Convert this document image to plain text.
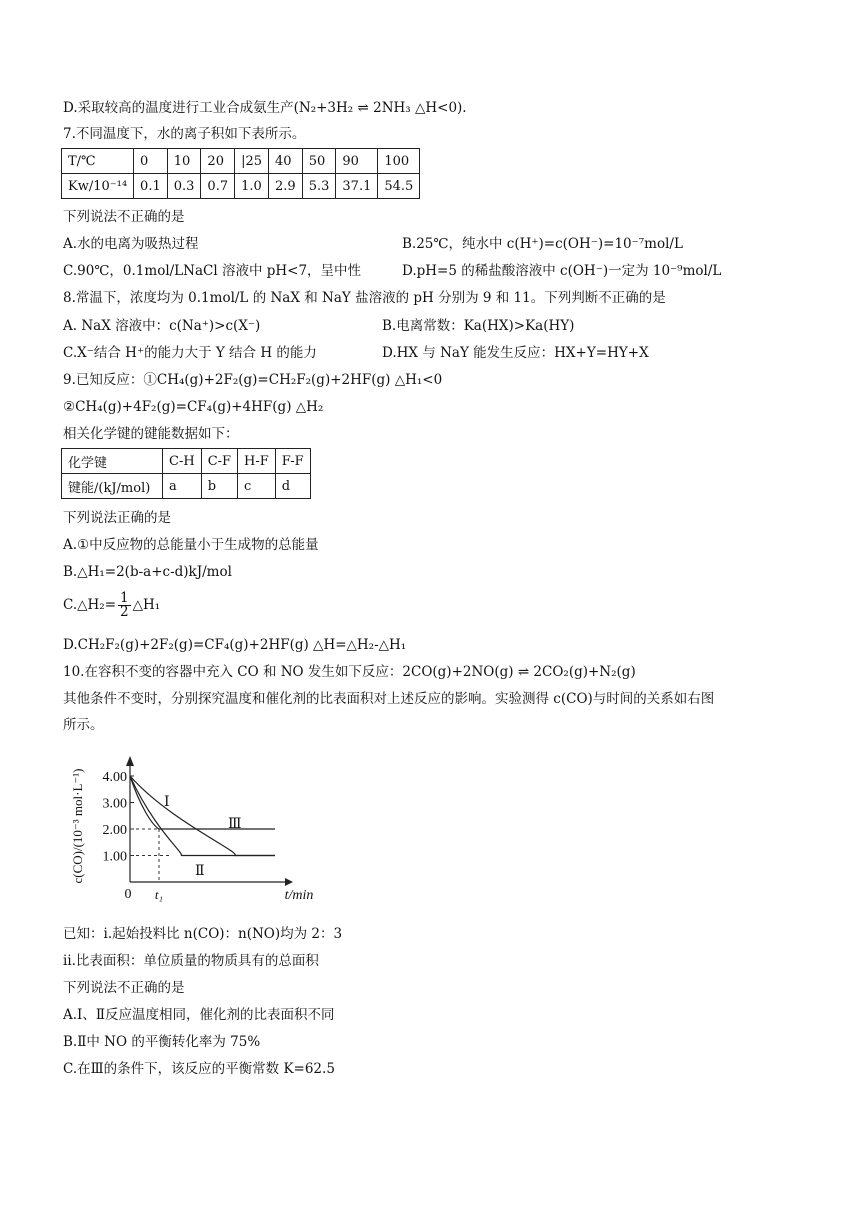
D.采取较高的温度进行工业合成氨生产(N₂+3H₂ ⇌ 2NH₃ △H<0).
7.不同温度下，水的离子积如下表所示。
T/℃	0	10	20	|25	40	50	90	100
Kw/10⁻¹⁴	0.1	0.3	0.7	1.0	2.9	5.3	37.1	54.5
下列说法不正确的是
A.水的电离为吸热过程	B.25℃，纯水中 c(H⁺)=c(OH⁻)=10⁻⁷mol/L
C.90℃，0.1mol/LNaCl 溶液中 pH<7，呈中性	D.pH=5 的稀盐酸溶液中 c(OH⁻)一定为 10⁻⁹mol/L
8.常温下，浓度均为 0.1mol/L 的 NaX 和 NaY 盐溶液的 pH 分别为 9 和 11。下列判断不正确的是
A. NaX 溶液中：c(Na⁺)>c(X⁻)	B.电离常数：Ka(HX)>Ka(HY)
C.X⁻结合 H⁺的能力大于 Y 结合 H 的能力	D.HX 与 NaY 能发生反应：HX+Y=HY+X
9.已知反应：①CH₄(g)+2F₂(g)=CH₂F₂(g)+2HF(g) △H₁<0
②CH₄(g)+4F₂(g)=CF₄(g)+4HF(g) △H₂
相关化学键的键能数据如下：
化学键	C-H	C-F	H-F	F-F
键能/(kJ/mol)	a	b	c	d
下列说法正确的是
A.①中反应物的总能量小于生成物的总能量
B.△H₁=2(b-a+c-d)kJ/mol
C.△H₂= $\frac{1}{2}$ △H₁
D.CH₂F₂(g)+2F₂(g)=CF₄(g)+2HF(g) △H=△H₂-△H₁
10.在容积不变的容器中充入 CO 和 NO 发生如下反应：2CO(g)+2NO(g) ⇌ 2CO₂(g)+N₂(g)
其他条件不变时，分别探究温度和催化剂的比表面积对上述反应的影响。实验测得 c(CO)与时间的关系如右图
所示。
1.00
2.00
3.00
4.00
0
c(CO)/(10⁻³ mol·L⁻¹)
t/min
t₁
Ⅰ
Ⅱ
Ⅲ
已知：ⅰ.起始投料比 n(CO)：n(NO)均为 2：3
ⅱ.比表面积：单位质量的物质具有的总面积
下列说法不正确的是
A.Ⅰ、Ⅱ反应温度相同，催化剂的比表面积不同
B.Ⅱ中 NO 的平衡转化率为 75%
C.在Ⅲ的条件下，该反应的平衡常数 K=62.5
